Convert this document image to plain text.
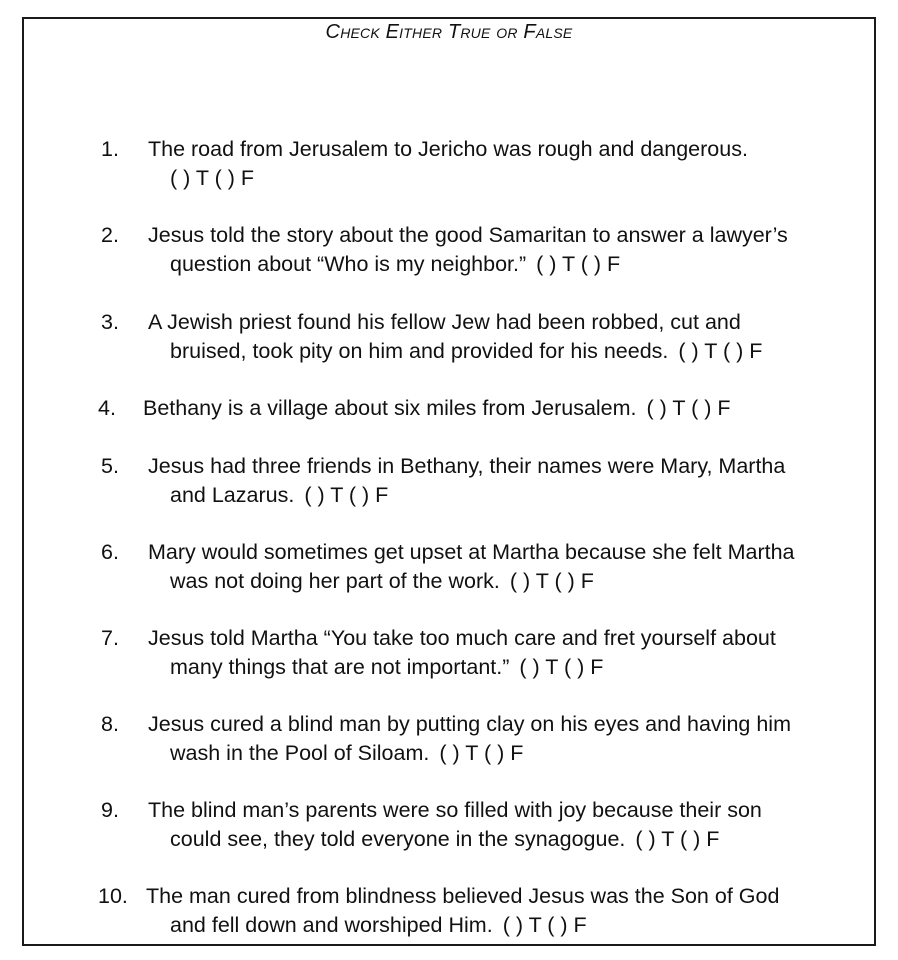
Check Either True or False
1. The road from Jerusalem to Jericho was rough and dangerous.
( ) T ( ) F
2. Jesus told the story about the good Samaritan to answer a lawyer’s
question about “Who is my neighbor.” ( ) T ( ) F
3. A Jewish priest found his fellow Jew had been robbed, cut and
bruised, took pity on him and provided for his needs. ( ) T ( ) F
4. Bethany is a village about six miles from Jerusalem. ( ) T ( ) F
5. Jesus had three friends in Bethany, their names were Mary, Martha
and Lazarus. ( ) T ( ) F
6. Mary would sometimes get upset at Martha because she felt Martha
was not doing her part of the work. ( ) T ( ) F
7. Jesus told Martha “You take too much care and fret yourself about
many things that are not important.” ( ) T ( ) F
8. Jesus cured a blind man by putting clay on his eyes and having him
wash in the Pool of Siloam. ( ) T ( ) F
9. The blind man’s parents were so filled with joy because their son
could see, they told everyone in the synagogue. ( ) T ( ) F
10. The man cured from blindness believed Jesus was the Son of God
and fell down and worshiped Him. ( ) T ( ) F
